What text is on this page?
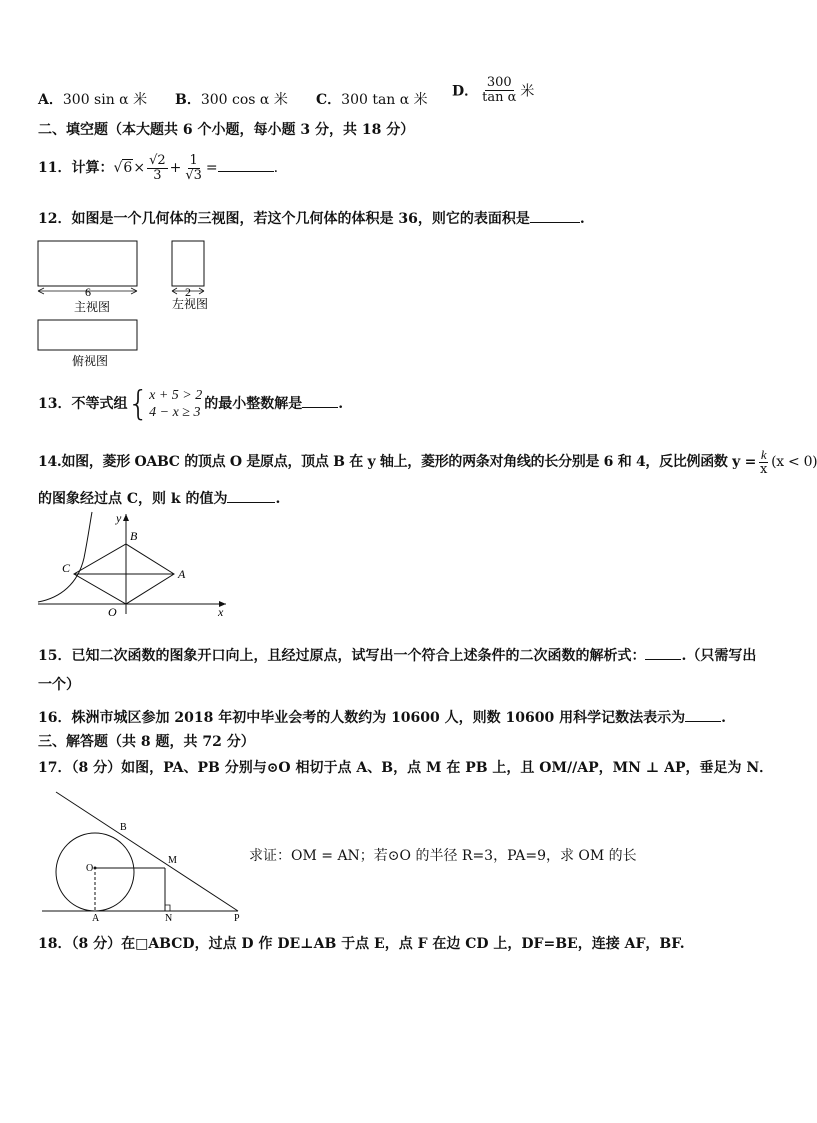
A．300 sin α 米 B．300 cos α 米 C．300 tan α 米
D． $\frac{300}{\text{tan α}}$ 米
二、填空题（本大题共 6 个小题，每小题 3 分，共 18 分）
11．计算：$√6\times \frac{√2}{3} + \frac{1}{√3}$ =	.
12．如图是一个几何体的三视图，若这个几何体的体积是 36，则它的表面积是	.
6
主视图
2
左视图
俯视图
13．不等式组{ x + 5 > 2
4 − x ≥ 3
的最小整数解是	.
14.如图，菱形 OABC 的顶点 O 是原点，顶点 B 在 y 轴上，菱形的两条对角线的长分别是 6 和 4，反比例函数 $y = \frac{k}{x} (x < 0)$
的图象经过点 C，则 k 的值为	.
y
x
B
C	A
O
15．已知二次函数的图象开口向上，且经过原点，试写出一个符合上述条件的二次函数的解析式：	.（只需写出
一个）
16．株洲市城区参加 2018 年初中毕业会考的人数约为 10600 人，则数 10600 用科学记数法表示为	.
三、解答题（共 8 题，共 72 分）
17．（8 分）如图，PA、PB 分别与⊙O 相切于点 A、B，点 M 在 PB 上，且 OM//AP，MN ⊥ AP，垂足为 N．
B
O
M
A	N	P
求证：OM = AN；若⊙O 的半径 R=3，PA=9，求 OM 的长
18．（8 分）在□ABCD，过点 D 作 DE⊥AB 于点 E，点 F 在边 CD 上，DF=BE，连接 AF，BF.
